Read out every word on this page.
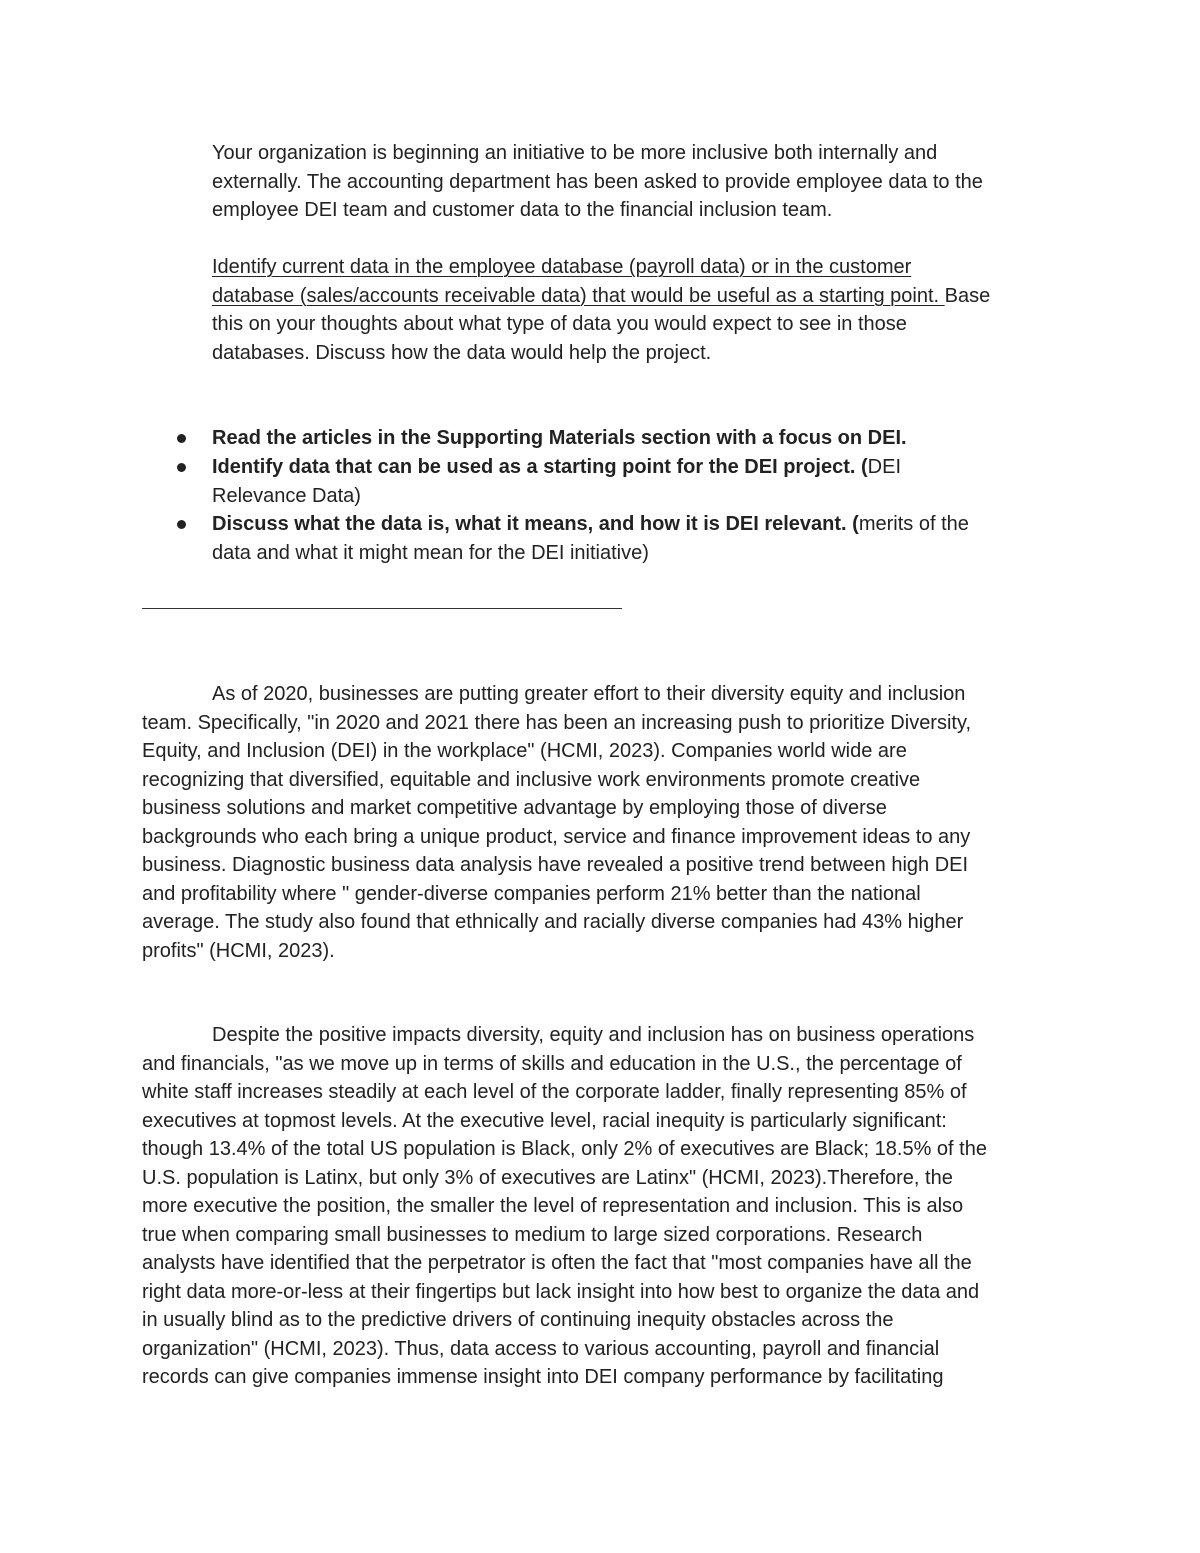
Your organization is beginning an initiative to be more inclusive both internally and
externally. The accounting department has been asked to provide employee data to the
employee DEI team and customer data to the financial inclusion team.
Identify current data in the employee database (payroll data) or in the customer
database (sales/accounts receivable data) that would be useful as a starting point. Base
this on your thoughts about what type of data you would expect to see in those
databases. Discuss how the data would help the project.
Read the articles in the Supporting Materials section with a focus on DEI.
Identify data that can be used as a starting point for the DEI project. (DEI
Relevance Data)
Discuss what the data is, what it means, and how it is DEI relevant. (merits of the
data and what it might mean for the DEI initiative)
As of 2020, businesses are putting greater effort to their diversity equity and inclusion
team. Specifically, "in 2020 and 2021 there has been an increasing push to prioritize Diversity,
Equity, and Inclusion (DEI) in the workplace" (HCMI, 2023). Companies world wide are
recognizing that diversified, equitable and inclusive work environments promote creative
business solutions and market competitive advantage by employing those of diverse
backgrounds who each bring a unique product, service and finance improvement ideas to any
business. Diagnostic business data analysis have revealed a positive trend between high DEI
and profitability where " gender-diverse companies perform 21% better than the national
average. The study also found that ethnically and racially diverse companies had 43% higher
profits" (HCMI, 2023).
Despite the positive impacts diversity, equity and inclusion has on business operations
and financials, "as we move up in terms of skills and education in the U.S., the percentage of
white staff increases steadily at each level of the corporate ladder, finally representing 85% of
executives at topmost levels. At the executive level, racial inequity is particularly significant:
though 13.4% of the total US population is Black, only 2% of executives are Black; 18.5% of the
U.S. population is Latinx, but only 3% of executives are Latinx" (HCMI, 2023).Therefore, the
more executive the position, the smaller the level of representation and inclusion. This is also
true when comparing small businesses to medium to large sized corporations. Research
analysts have identified that the perpetrator is often the fact that "most companies have all the
right data more-or-less at their fingertips but lack insight into how best to organize the data and
in usually blind as to the predictive drivers of continuing inequity obstacles across the
organization" (HCMI, 2023). Thus, data access to various accounting, payroll and financial
records can give companies immense insight into DEI company performance by facilitating
